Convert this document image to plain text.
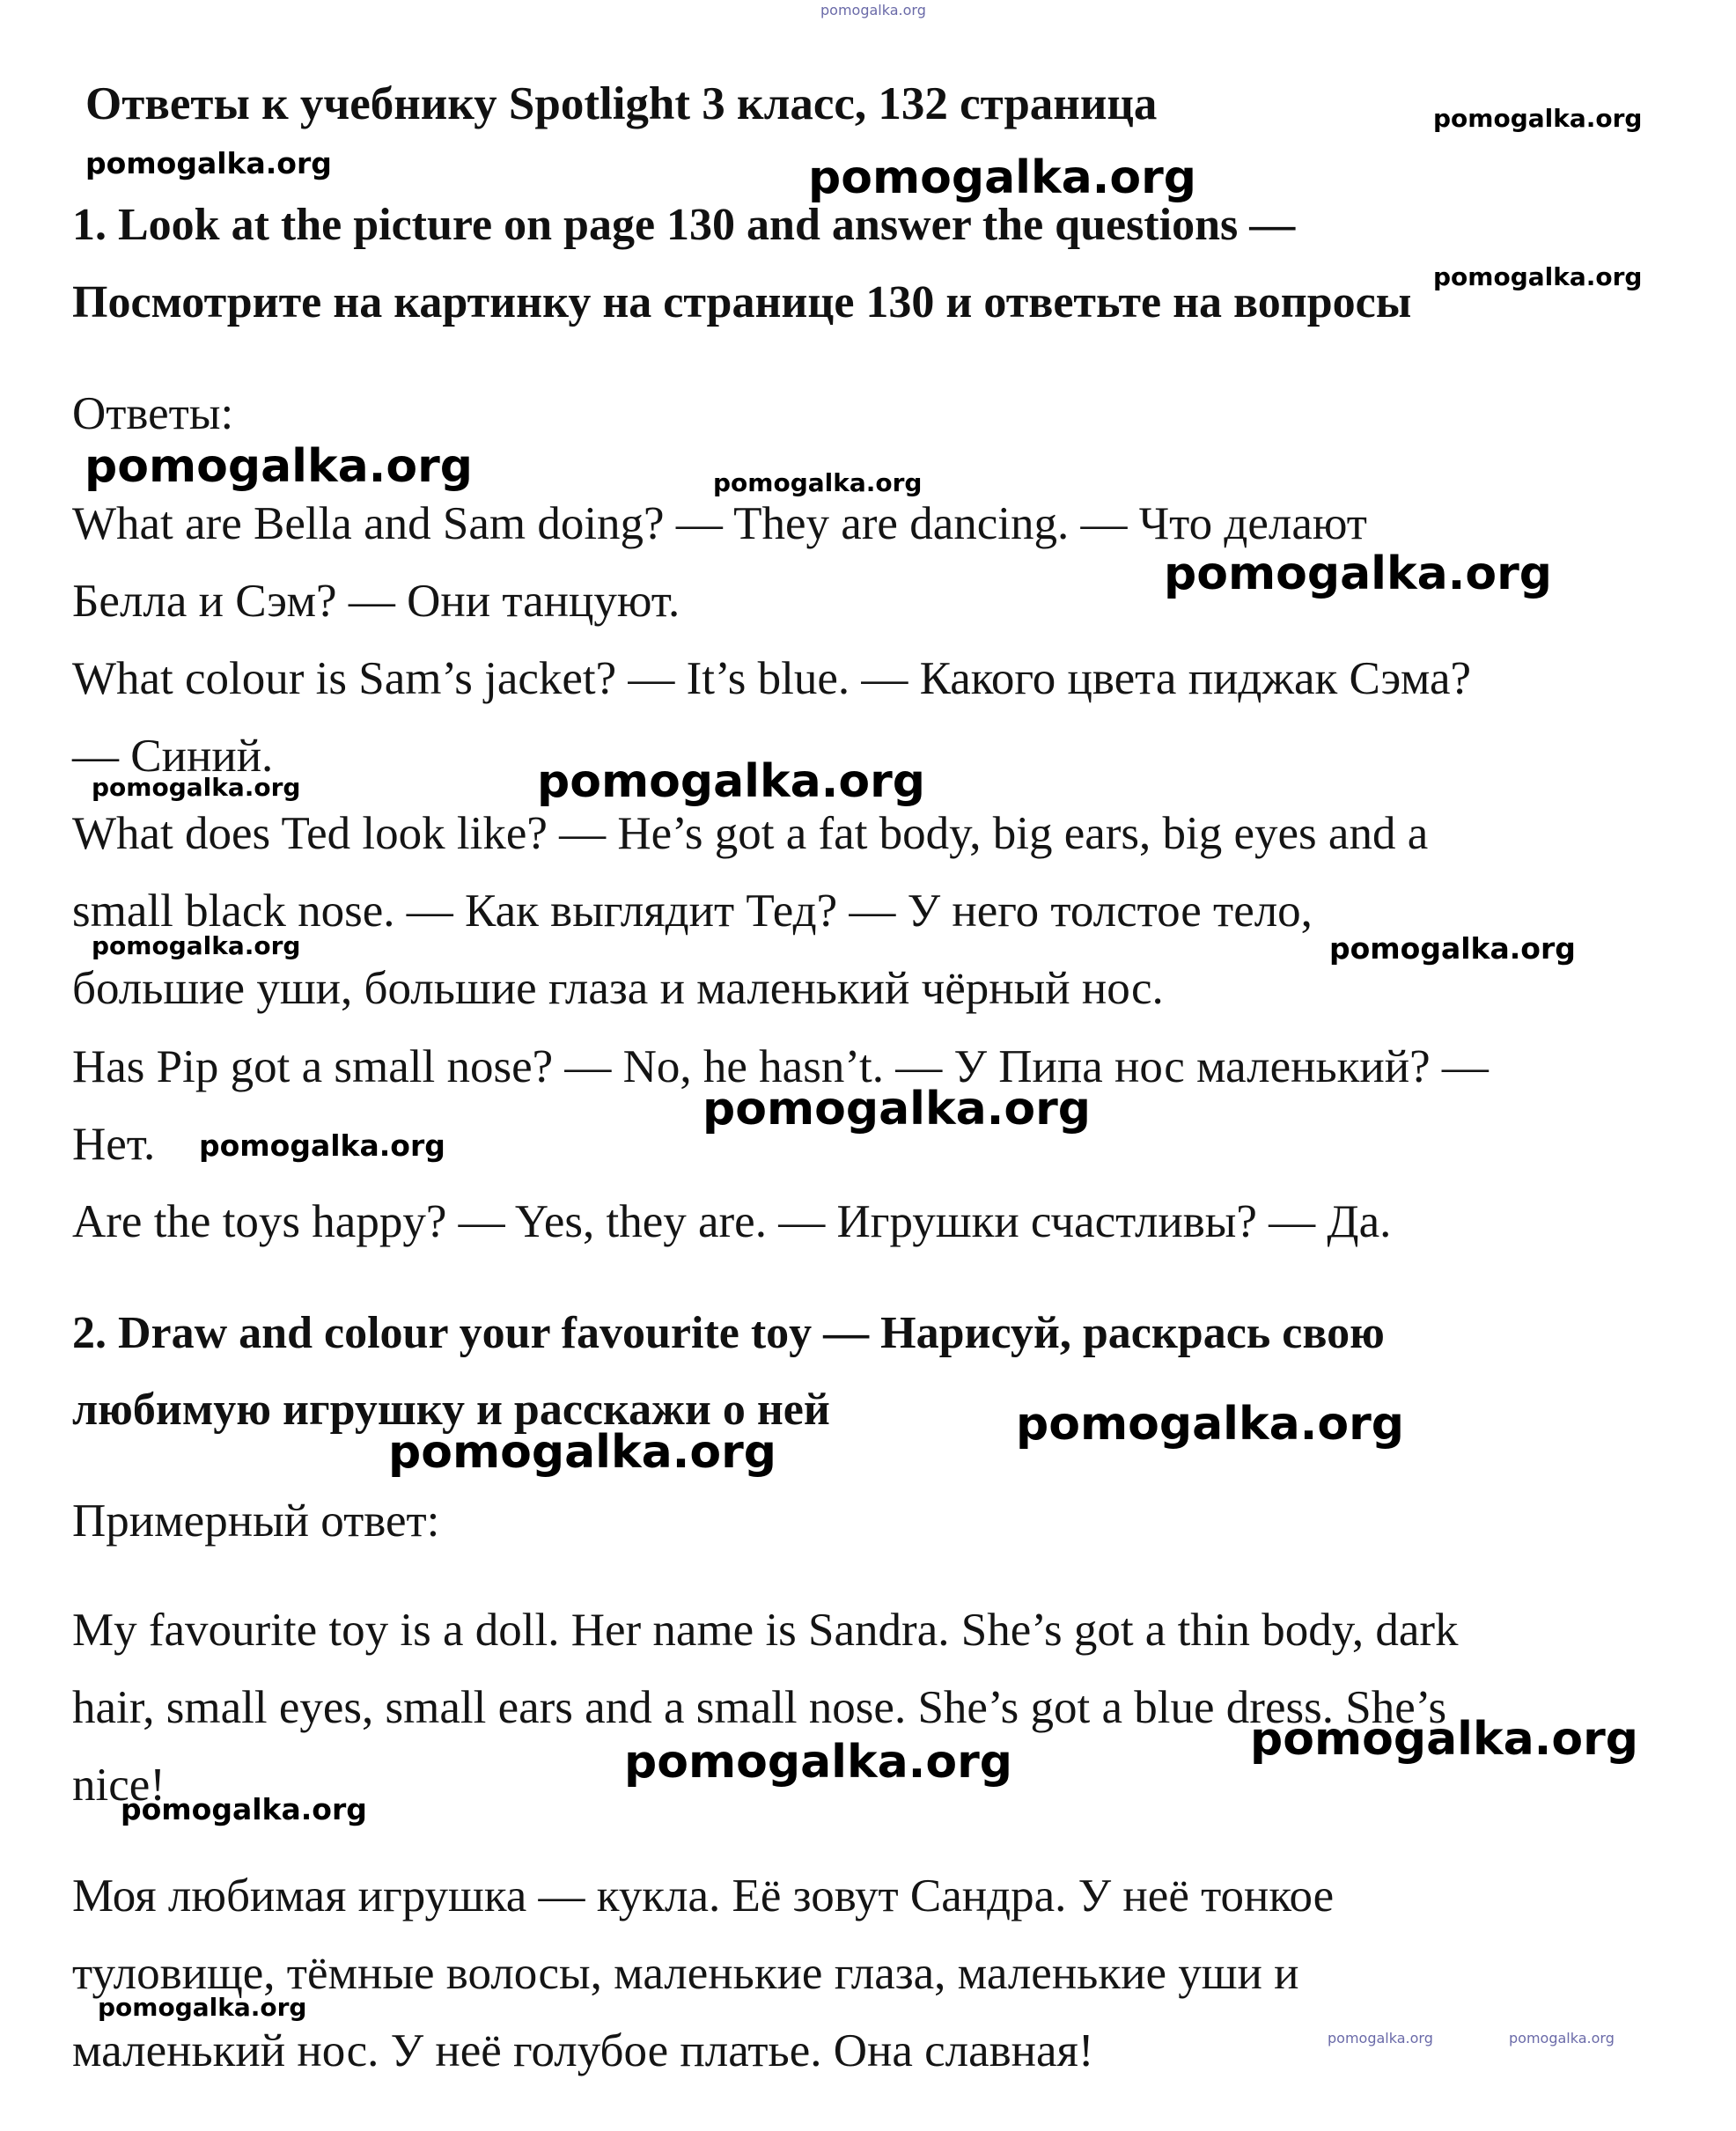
Ответы к учебнику Spotlight 3 класс, 132 страница

1. Look at the picture on page 130 and answer the questions —

Посмотрите на картинку на странице 130 и ответьте на вопросы

Ответы:

What are Bella and Sam doing? — They are dancing. — Что делают

Белла и Сэм? — Они танцуют.

What colour is Sam’s jacket? — It’s blue. — Какого цвета пиджак Сэма?

— Синий.

What does Ted look like? — He’s got a fat body, big ears, big eyes and a

small black nose. — Как выглядит Тед? — У него толстое тело,

большие уши, большие глаза и маленький чёрный нос.

Has Pip got a small nose? — No, he hasn’t. — У Пипа нос маленький? —

Нет.

Are the toys happy? — Yes, they are. — Игрушки счастливы? — Да.

2. Draw and colour your favourite toy — Нарисуй, раскрась свою

любимую игрушку и расскажи о ней

Примерный ответ:

My favourite toy is a doll. Her name is Sandra. She’s got a thin body, dark

hair, small eyes, small ears and a small nose. She’s got a blue dress. She’s

nice!

Моя любимая игрушка — кукла. Её зовут Сандра. У неё тонкое

туловище, тёмные волосы, маленькие глаза, маленькие уши и

маленький нос. У неё голубое платье. Она славная!

pomogalka.org
pomogalka.org
pomogalka.org	pomogalka.org
pomogalka.org
pomogalka.org	pomogalka.org
pomogalka.org
pomogalka.org	pomogalka.org
pomogalka.org	pomogalka.org
pomogalka.org
pomogalka.org
pomogalka.org
pomogalka.org
pomogalka.org
pomogalka.org
pomogalka.org
pomogalka.org
pomogalka.org	pomogalka.org
